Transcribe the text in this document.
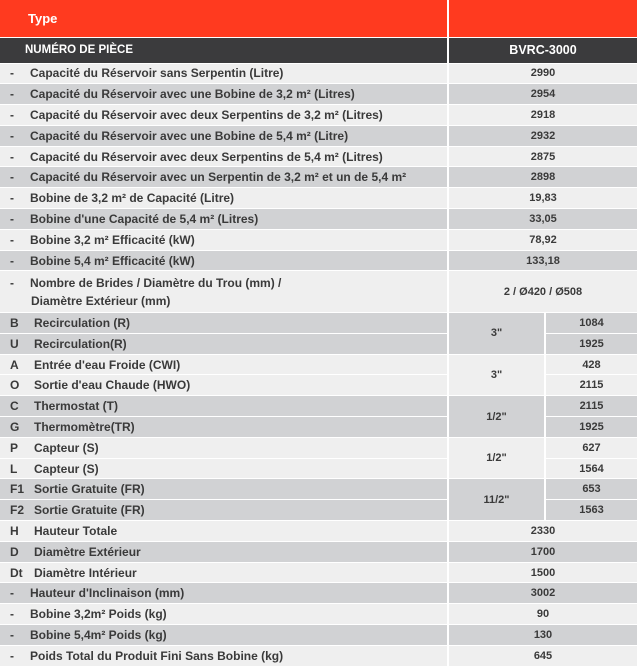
Type		
NUMÉRO DE PIÈCE	BVRC-3000	
- Capacité du Réservoir sans Serpentin (Litre)	2990	
- Capacité du Réservoir avec une Bobine de 3,2 m² (Litres)	2954	
- Capacité du Réservoir avec deux Serpentins de 3,2 m² (Litres)	2918	
- Capacité du Réservoir avec une Bobine de 5,4 m² (Litre)	2932	
- Capacité du Réservoir avec deux Serpentins de 5,4 m² (Litres)	2875	
- Capacité du Réservoir avec un Serpentin de 3,2 m² et un de 5,4 m²	2898	
- Bobine de 3,2 m² de Capacité (Litre)	19,83	
- Bobine d'une Capacité de 5,4 m² (Litres)	33,05	
- Bobine 3,2 m² Efficacité (kW)	78,92	
- Bobine 5,4 m² Efficacité (kW)	133,18	
- Nombre de Brides / Diamètre du Trou (mm) /
Diamètre Extérieur (mm)	2 / Ø420 / Ø508	
B Recirculation (R)	3"	1084
U Recirculation(R)		1925
A Entrée d'eau Froide (CWI)	3"	428
O Sortie d'eau Chaude (HWO)		2115
C Thermostat (T)	1/2"	2115
G Thermomètre(TR)		1925
P Capteur (S)	1/2"	627
L Capteur (S)		1564
F1 Sortie Gratuite (FR)	11/2"	653
F2 Sortie Gratuite (FR)		1563
H Hauteur Totale	2330	
D Diamètre Extérieur	1700	
Dt Diamètre Intérieur	1500	
- Hauteur d'Inclinaison (mm)	3002	
- Bobine 3,2m² Poids (kg)	90	
- Bobine 5,4m² Poids (kg)	130	
- Poids Total du Produit Fini Sans Bobine (kg)	645	
